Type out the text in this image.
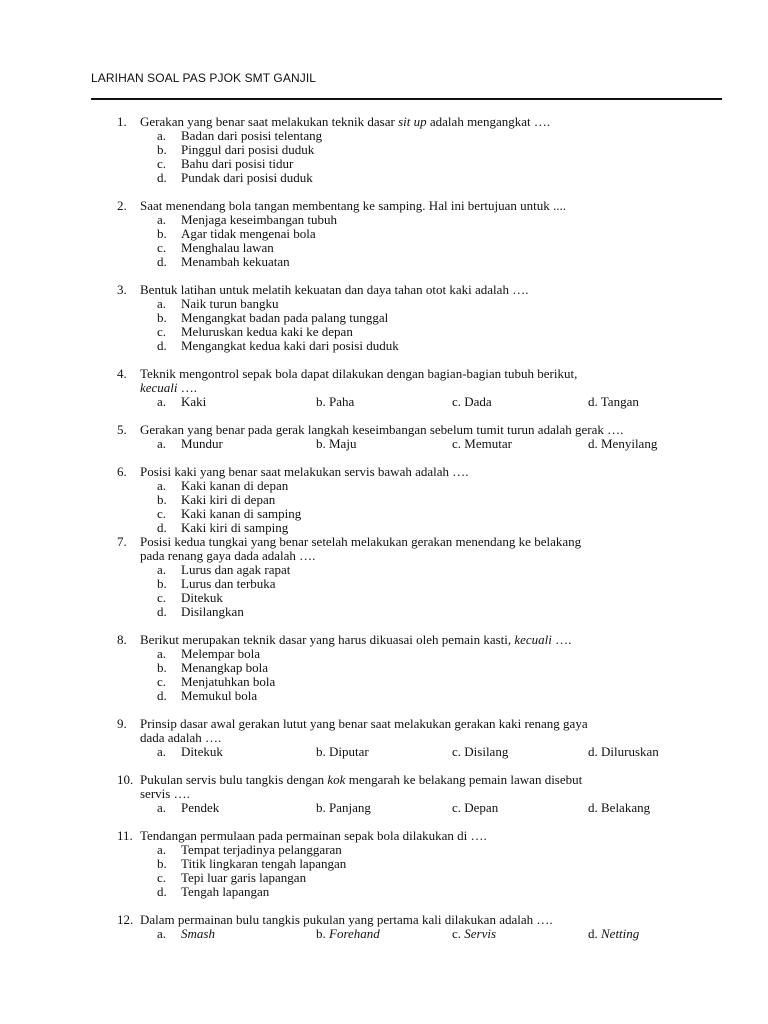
LARIHAN SOAL PAS PJOK SMT GANJIL
1. Gerakan yang benar saat melakukan teknik dasar sit up adalah mengangkat ….
a. Badan dari posisi telentang
b. Pinggul dari posisi duduk
c. Bahu dari posisi tidur
d. Pundak dari posisi duduk
2. Saat menendang bola tangan membentang ke samping. Hal ini bertujuan untuk ....
a. Menjaga keseimbangan tubuh
b. Agar tidak mengenai bola
c. Menghalau lawan
d. Menambah kekuatan
3. Bentuk latihan untuk melatih kekuatan dan daya tahan otot kaki adalah ….
a. Naik turun bangku
b. Mengangkat badan pada palang tunggal
c. Meluruskan kedua kaki ke depan
d. Mengangkat kedua kaki dari posisi duduk
4. Teknik mengontrol sepak bola dapat dilakukan dengan bagian-bagian tubuh berikut,
kecuali ….
a. Kaki	b. Paha	c. Dada	d. Tangan
5. Gerakan yang benar pada gerak langkah keseimbangan sebelum tumit turun adalah gerak ….
a. Mundur	b. Maju	c. Memutar	d. Menyilang
6. Posisi kaki yang benar saat melakukan servis bawah adalah ….
a. Kaki kanan di depan
b. Kaki kiri di depan
c. Kaki kanan di samping
d. Kaki kiri di samping
7. Posisi kedua tungkai yang benar setelah melakukan gerakan menendang ke belakang
pada renang gaya dada adalah ….
a. Lurus dan agak rapat
b. Lurus dan terbuka
c. Ditekuk
d. Disilangkan
8. Berikut merupakan teknik dasar yang harus dikuasai oleh pemain kasti, kecuali ….
a. Melempar bola
b. Menangkap bola
c. Menjatuhkan bola
d. Memukul bola
9. Prinsip dasar awal gerakan lutut yang benar saat melakukan gerakan kaki renang gaya
dada adalah ….
a. Ditekuk	b. Diputar	c. Disilang	d. Diluruskan
10. Pukulan servis bulu tangkis dengan kok mengarah ke belakang pemain lawan disebut
servis ….
a. Pendek	b. Panjang	c. Depan	d. Belakang
11. Tendangan permulaan pada permainan sepak bola dilakukan di ….
a. Tempat terjadinya pelanggaran
b. Titik lingkaran tengah lapangan
c. Tepi luar garis lapangan
d. Tengah lapangan
12. Dalam permainan bulu tangkis pukulan yang pertama kali dilakukan adalah ….
a. Smash	b. Forehand	c. Servis	d. Netting
